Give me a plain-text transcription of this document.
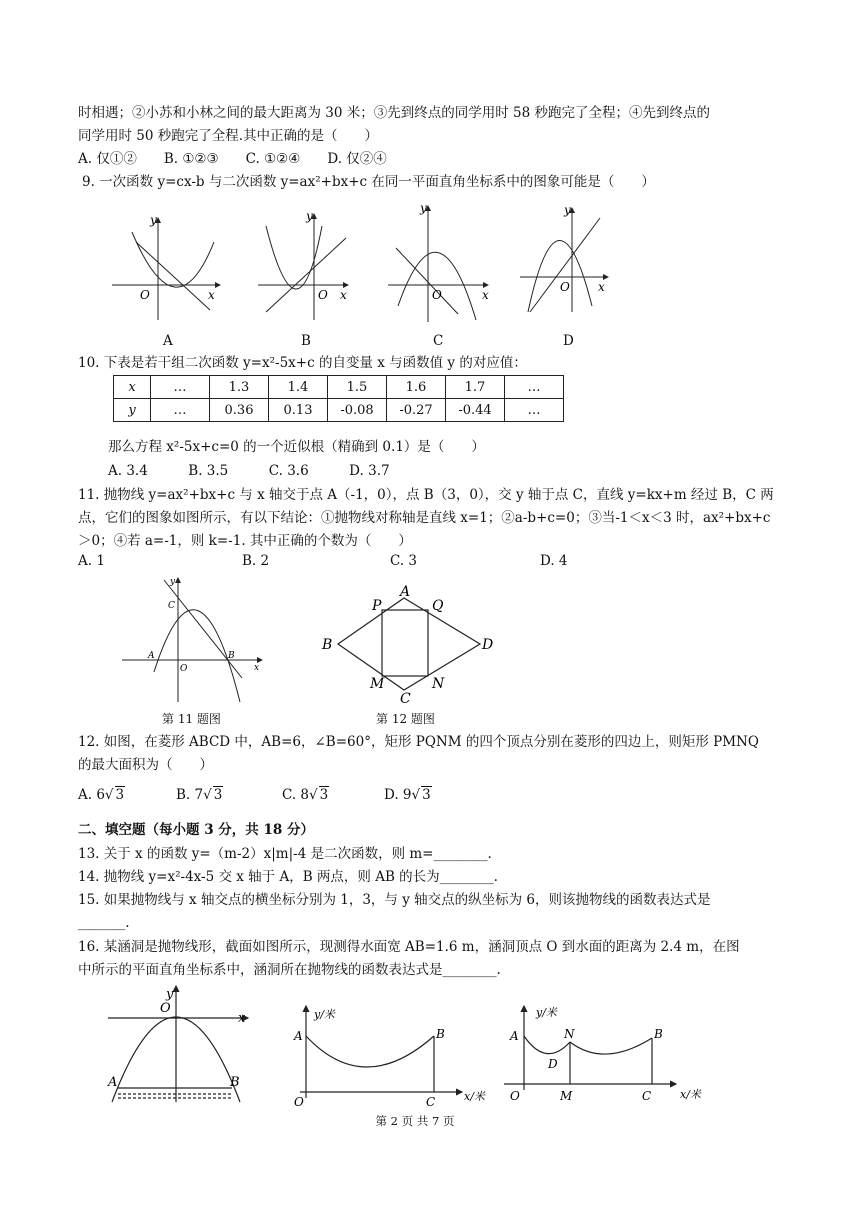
时相遇；②小苏和小林之间的最大距离为 30 米；③先到终点的同学用时 58 秒跑完了全程；④先到终点的
同学用时 50 秒跑完了全程.其中正确的是（　　）
A. 仅①②　　B. ①②③　　C. ①②④　　D. 仅②④
9. 一次函数 y=cx-b 与二次函数 y=ax²+bx+c 在同一平面直角坐标系中的图象可能是（　　）
y
O	x
y
O x
y
O	x
y
O x
A	B	C	D
10. 下表是若干组二次函数 y=x²-5x+c 的自变量 x 与函数值 y 的对应值：
x	…	1.3	1.4	1.5	1.6	1.7	…
y	…	0.36	0.13	-0.08	-0.27	-0.44	…
那么方程 x²-5x+c=0 的一个近似根（精确到 0.1）是（　　）
A. 3.4　　　B. 3.5　　　C. 3.6　　　D. 3.7
11. 抛物线 y=ax²+bx+c 与 x 轴交于点 A（-1，0），点 B（3，0），交 y 轴于点 C，直线 y=kx+m 经过 B，C 两
点，它们的图象如图所示，有以下结论：①抛物线对称轴是直线 x=1；②a-b+c=0；③当-1＜x＜3 时，ax²+bx+c
＞0；④若 a=-1，则 k=-1. 其中正确的个数为（　　）
A. 1	B. 2	C. 3	D. 4
y
x
O
A	B
C
第 11 题图
A
B
C
D
P	Q
M	N
第 12 题图
12. 如图，在菱形 ABCD 中，AB=6，∠B=60°，矩形 PQNM 的四个顶点分别在菱形的四边上，则矩形 PMNQ
的最大面积为（　　）
A. 6√ 3	B. 7√ 3	C. 8√ 3	D. 9√ 3
二、填空题（每小题 3 分，共 18 分）
13. 关于 x 的函数 y=（m-2）x|m|-4 是二次函数，则 m=________.
14. 抛物线 y=x²-4x-5 交 x 轴于 A，B 两点，则 AB 的长为________.
15. 如果抛物线与 x 轴交点的横坐标分别为 1，3，与 y 轴交点的纵坐标为 6，则该抛物线的函数表达式是
_______.
16. 某涵洞是抛物线形，截面如图所示，现测得水面宽 AB=1.6 m，涵洞顶点 O 到水面的距离为 2.4 m，在图
中所示的平面直角坐标系中，涵洞所在抛物线的函数表达式是________.
y
x
O
A	B
y/米
x/米
A	B
O	C
y/米
x/米
A	N
D
B
O	M	C
第 2 页 共 7 页
